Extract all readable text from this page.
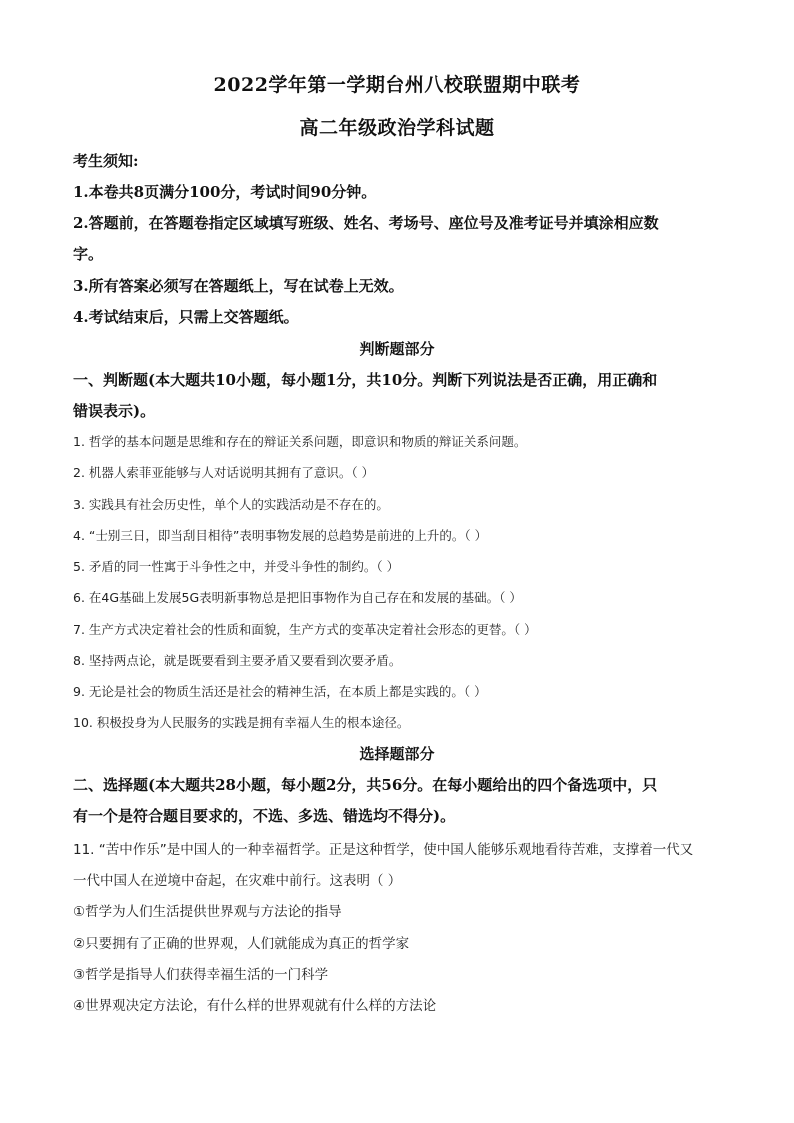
2022学年第一学期台州八校联盟期中联考
高二年级政治学科试题
考生须知:
1.本卷共8页满分100分，考试时间90分钟。
2.答题前，在答题卷指定区域填写班级、姓名、考场号、座位号及准考证号并填涂相应数
字。
3.所有答案必须写在答题纸上，写在试卷上无效。
4.考试结束后，只需上交答题纸。
判断题部分
一、判断题(本大题共10小题，每小题1分，共10分。判断下列说法是否正确，用正确和
错误表示)。
1. 哲学的基本问题是思维和存在的辩证关系问题，即意识和物质的辩证关系问题。
2. 机器人索菲亚能够与人对话说明其拥有了意识。（ ）
3. 实践具有社会历史性，单个人的实践活动是不存在的。
4. “士别三日，即当刮目相待”表明事物发展的总趋势是前进的上升的。（ ）
5. 矛盾的同一性寓于斗争性之中，并受斗争性的制约。（ ）
6. 在4G基础上发展5G表明新事物总是把旧事物作为自己存在和发展的基础。（ ）
7. 生产方式决定着社会的性质和面貌，生产方式的变革决定着社会形态的更替。（ ）
8. 坚持两点论，就是既要看到主要矛盾又要看到次要矛盾。
9. 无论是社会的物质生活还是社会的精神生活，在本质上都是实践的。（ ）
10. 积极投身为人民服务的实践是拥有幸福人生的根本途径。
选择题部分
二、选择题(本大题共28小题，每小题2分，共56分。在每小题给出的四个备选项中，只
有一个是符合题目要求的，不选、多选、错选均不得分)。
11. “苦中作乐”是中国人的一种幸福哲学。正是这种哲学，使中国人能够乐观地看待苦难，支撑着一代又
一代中国人在逆境中奋起，在灾难中前行。这表明（ ）
①哲学为人们生活提供世界观与方法论的指导
②只要拥有了正确的世界观，人们就能成为真正的哲学家
③哲学是指导人们获得幸福生活的一门科学
④世界观决定方法论，有什么样的世界观就有什么样的方法论
